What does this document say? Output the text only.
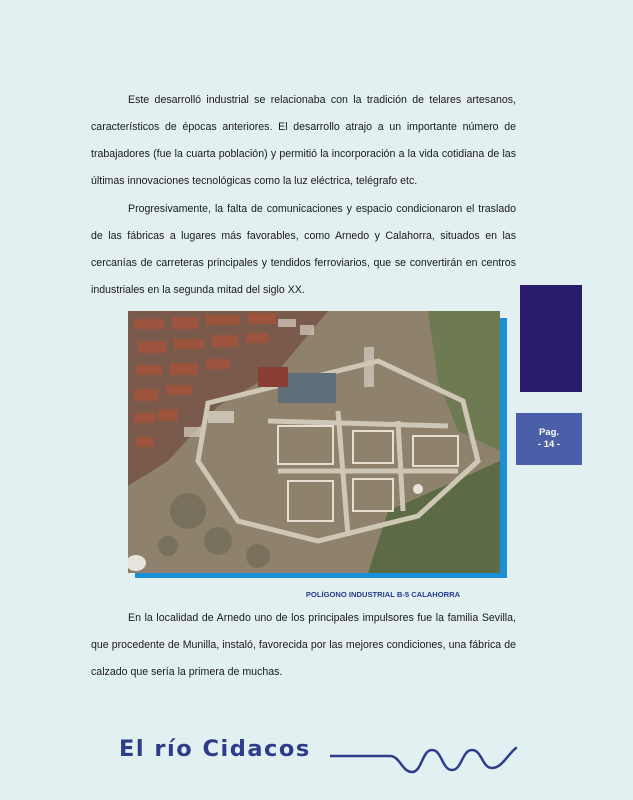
Este desarrolló industrial se relacionaba con la tradición de telares artesanos, característicos de épocas anteriores. El desarrollo atrajo a un importante número de trabajadores (fue la cuarta población) y permitió la incorporación a la vida cotidiana de las últimas innovaciones tecnológicas como la luz eléctrica, telégrafo etc.

Progresivamente, la falta de comunicaciones y espacio condicionaron el traslado de las fábricas a lugares más favorables, como Arnedo y Calahorra, situados en las cercanías de carreteras principales y tendidos ferroviarios, que se convertirán en centros industriales en la segunda mitad del siglo XX.

POLÍGONO INDUSTRIAL B-5 CALAHORRA

En la localidad de Arnedo uno de los principales impulsores fue la familia Sevilla, que procedente de Munilla, instaló, favorecida por las mejores condiciones, una fábrica de calzado que sería la primera de muchas.

Pag.
- 14 -
El río Cidacos
